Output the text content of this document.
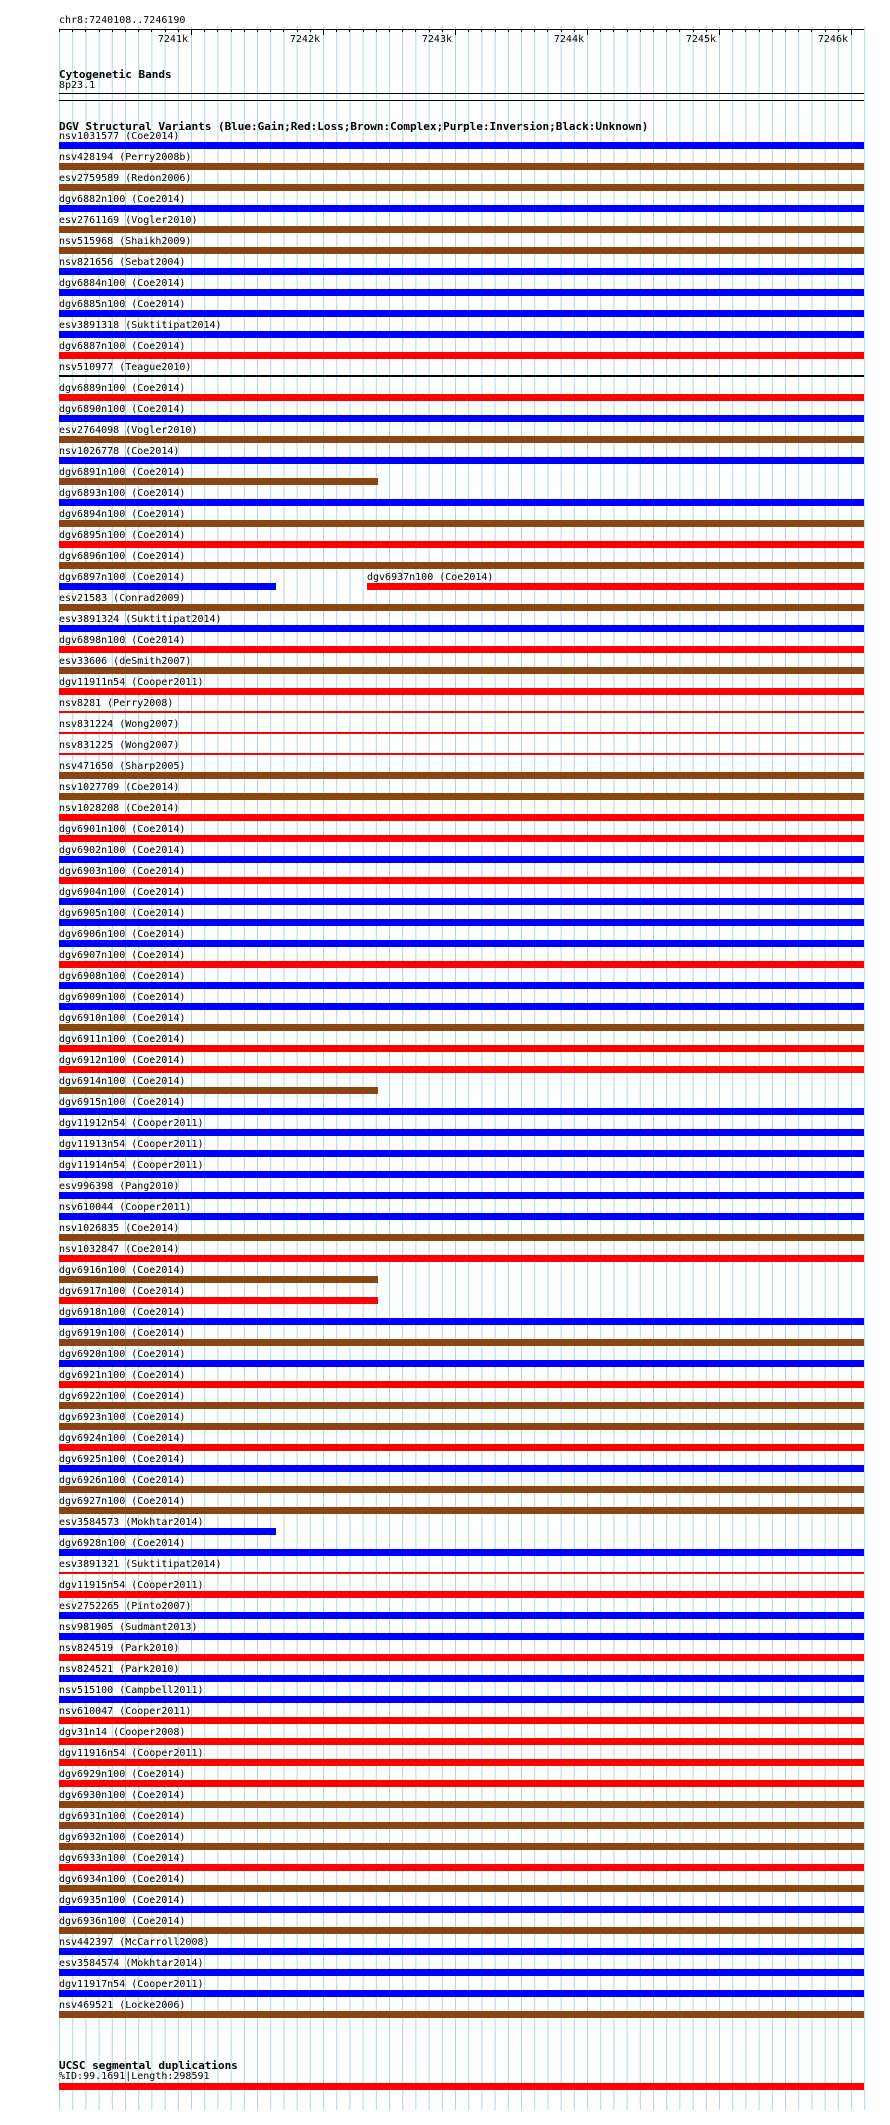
chr8:7240108..7246190
7241k	7242k	7243k	7244k	7245k	7246k
Cytogenetic Bands
8p23.1
DGV Structural Variants (Blue:Gain;Red:Loss;Brown:Complex;Purple:Inversion;Black:Unknown)
nsv1031577 (Coe2014)
nsv428194 (Perry2008b)
esv2759589 (Redon2006)
dgv6882n100 (Coe2014)
esv2761169 (Vogler2010)
nsv515968 (Shaikh2009)
nsv821656 (Sebat2004)
dgv6884n100 (Coe2014)
dgv6885n100 (Coe2014)
esv3891318 (Suktitipat2014)
dgv6887n100 (Coe2014)
nsv510977 (Teague2010)
dgv6889n100 (Coe2014)
dgv6890n100 (Coe2014)
esv2764098 (Vogler2010)
nsv1026778 (Coe2014)
dgv6891n100 (Coe2014)
dgv6893n100 (Coe2014)
dgv6894n100 (Coe2014)
dgv6895n100 (Coe2014)
dgv6896n100 (Coe2014)
dgv6897n100 (Coe2014)	dgv6937n100 (Coe2014)
esv21583 (Conrad2009)
esv3891324 (Suktitipat2014)
dgv6898n100 (Coe2014)
esv33606 (deSmith2007)
dgv11911n54 (Cooper2011)
nsv8281 (Perry2008)
nsv831224 (Wong2007)
nsv831225 (Wong2007)
nsv471650 (Sharp2005)
nsv1027709 (Coe2014)
nsv1028208 (Coe2014)
dgv6901n100 (Coe2014)
dgv6902n100 (Coe2014)
dgv6903n100 (Coe2014)
dgv6904n100 (Coe2014)
dgv6905n100 (Coe2014)
dgv6906n100 (Coe2014)
dgv6907n100 (Coe2014)
dgv6908n100 (Coe2014)
dgv6909n100 (Coe2014)
dgv6910n100 (Coe2014)
dgv6911n100 (Coe2014)
dgv6912n100 (Coe2014)
dgv6914n100 (Coe2014)
dgv6915n100 (Coe2014)
dgv11912n54 (Cooper2011)
dgv11913n54 (Cooper2011)
dgv11914n54 (Cooper2011)
esv996398 (Pang2010)
nsv610044 (Cooper2011)
nsv1026835 (Coe2014)
nsv1032847 (Coe2014)
dgv6916n100 (Coe2014)
dgv6917n100 (Coe2014)
dgv6918n100 (Coe2014)
dgv6919n100 (Coe2014)
dgv6920n100 (Coe2014)
dgv6921n100 (Coe2014)
dgv6922n100 (Coe2014)
dgv6923n100 (Coe2014)
dgv6924n100 (Coe2014)
dgv6925n100 (Coe2014)
dgv6926n100 (Coe2014)
dgv6927n100 (Coe2014)
esv3584573 (Mokhtar2014)
dgv6928n100 (Coe2014)
esv3891321 (Suktitipat2014)
dgv11915n54 (Cooper2011)
esv2752265 (Pinto2007)
nsv981905 (Sudmant2013)
nsv824519 (Park2010)
nsv824521 (Park2010)
nsv515100 (Campbell2011)
nsv610047 (Cooper2011)
dgv31n14 (Cooper2008)
dgv11916n54 (Cooper2011)
dgv6929n100 (Coe2014)
dgv6930n100 (Coe2014)
dgv6931n100 (Coe2014)
dgv6932n100 (Coe2014)
dgv6933n100 (Coe2014)
dgv6934n100 (Coe2014)
dgv6935n100 (Coe2014)
dgv6936n100 (Coe2014)
nsv442397 (McCarroll2008)
esv3584574 (Mokhtar2014)
dgv11917n54 (Cooper2011)
nsv469521 (Locke2006)
UCSC segmental duplications
%ID:99.1691|Length:298591
